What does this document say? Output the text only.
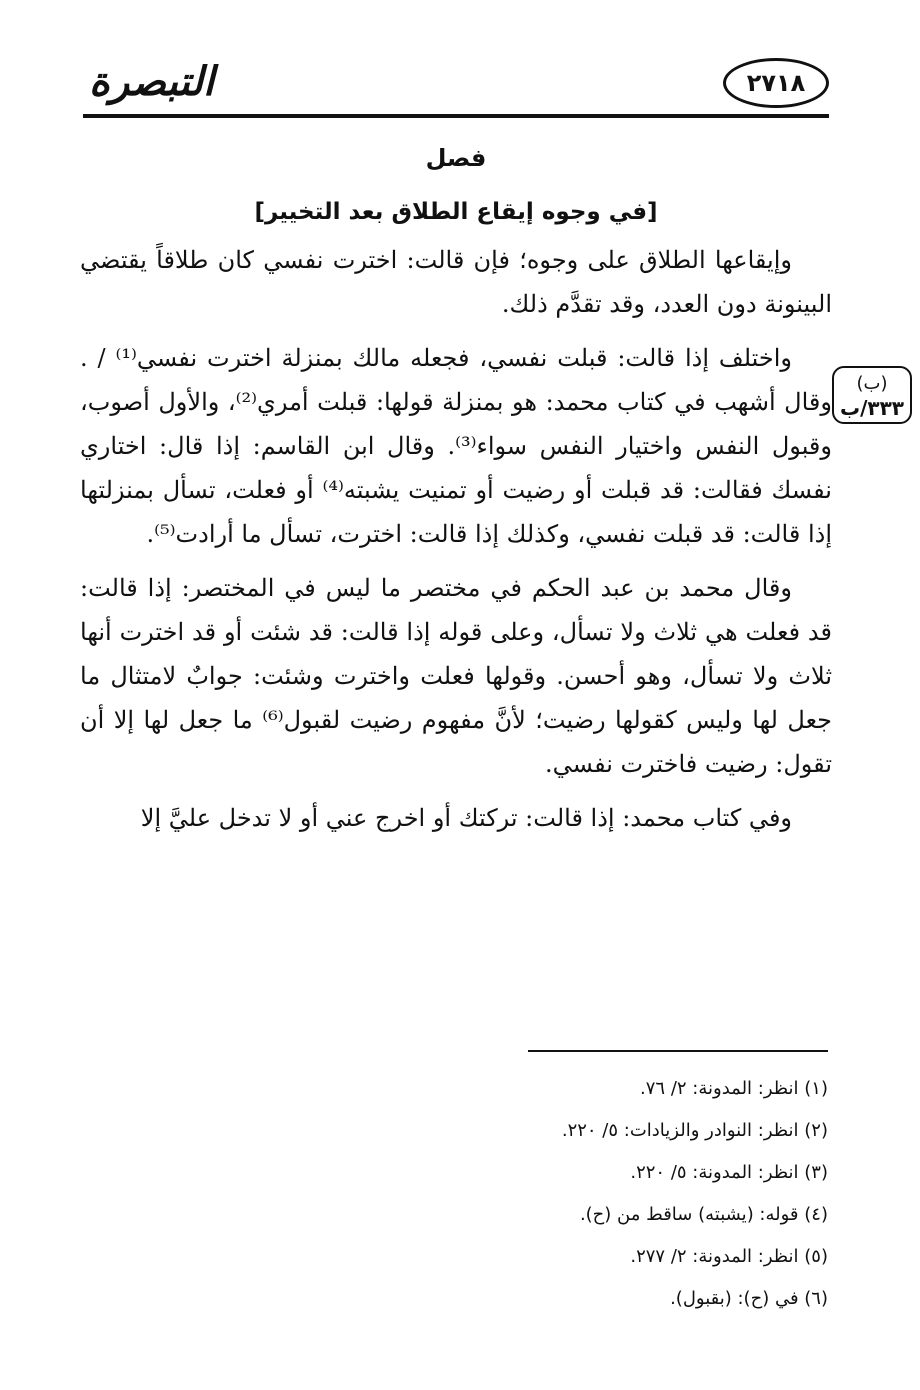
التبصرة	٢٧١٨
(ب)
٣٣٣/ب
فصل
[في وجوه إيقاع الطلاق بعد التخيير]

وإيقاعها الطلاق على وجوه؛ فإن قالت: اخترت نفسي كان طلاقاً يقتضي البينونة دون العدد، وقد تقدَّم ذلك.

واختلف إذا قالت: قبلت نفسي، فجعله مالك بمنزلة اخترت نفسي⁽¹⁾ / . وقال أشهب في كتاب محمد: هو بمنزلة قولها: قبلت أمري⁽²⁾، والأول أصوب، وقبول النفس واختيار النفس سواء⁽³⁾. وقال ابن القاسم: إذا قال: اختاري نفسك فقالت: قد قبلت أو رضيت أو تمنيت يشبته⁽⁴⁾ أو فعلت، تسأل بمنزلتها إذا قالت: قد قبلت نفسي، وكذلك إذا قالت: اخترت، تسأل ما أرادت⁽⁵⁾.

وقال محمد بن عبد الحكم في مختصر ما ليس في المختصر: إذا قالت: قد فعلت هي ثلاث ولا تسأل، وعلى قوله إذا قالت: قد شئت أو قد اخترت أنها ثلاث ولا تسأل، وهو أحسن. وقولها فعلت واخترت وشئت: جوابٌ لامتثال ما جعل لها وليس كقولها رضيت؛ لأنَّ مفهوم رضيت لقبول⁽⁶⁾ ما جعل لها إلا أن تقول: رضيت فاخترت نفسي.

وفي كتاب محمد: إذا قالت: تركتك أو اخرج عني أو لا تدخل عليَّ إلا

(١) انظر: المدونة: ٢/ ٧٦.
(٢) انظر: النوادر والزيادات: ٥/ ٢٢٠.
(٣) انظر: المدونة: ٥/ ٢٢٠.
(٤) قوله: (يشبته) ساقط من (ح).
(٥) انظر: المدونة: ٢/ ٢٧٧.
(٦) في (ح): (بقبول).
